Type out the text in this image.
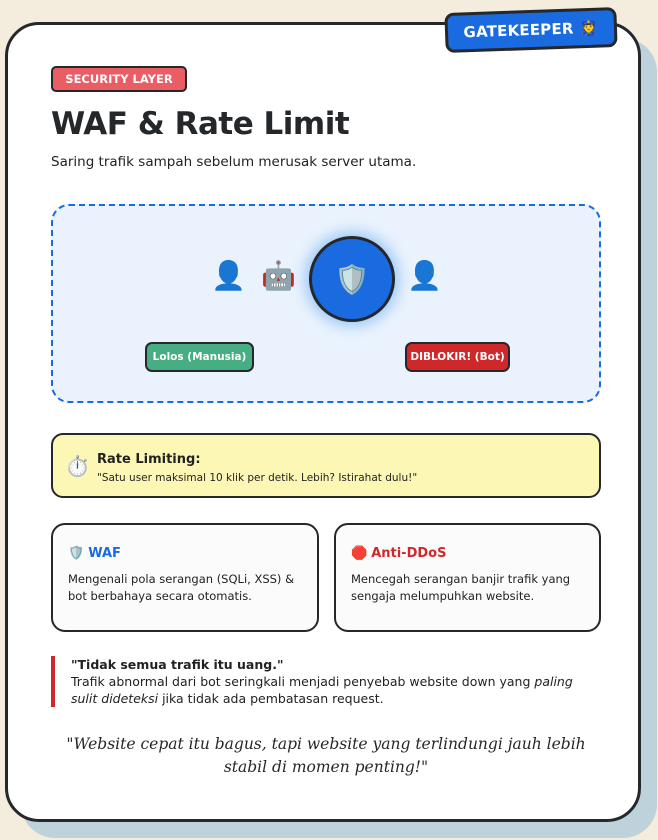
GATEKEEPER 👮
SECURITY LAYER
WAF & Rate Limit
Saring trafik sampah sebelum merusak server utama.
👤 🤖 🛡️ 👤
Lolos (Manusia)	DIBLOKIR! (Bot)
⏱️ Rate Limiting:
"Satu user maksimal 10 klik per detik. Lebih? Istirahat dulu!"
🛡️ WAF
Mengenali pola serangan (SQLi, XSS) & bot berbahaya secara otomatis.
🛑 Anti-DDoS
Mencegah serangan banjir trafik yang sengaja melumpuhkan website.
"Tidak semua trafik itu uang."
Trafik abnormal dari bot seringkali menjadi penyebab website down yang paling sulit dideteksi jika tidak ada pembatasan request.
"Website cepat itu bagus, tapi website yang terlindungi jauh lebih stabil di momen penting!"
